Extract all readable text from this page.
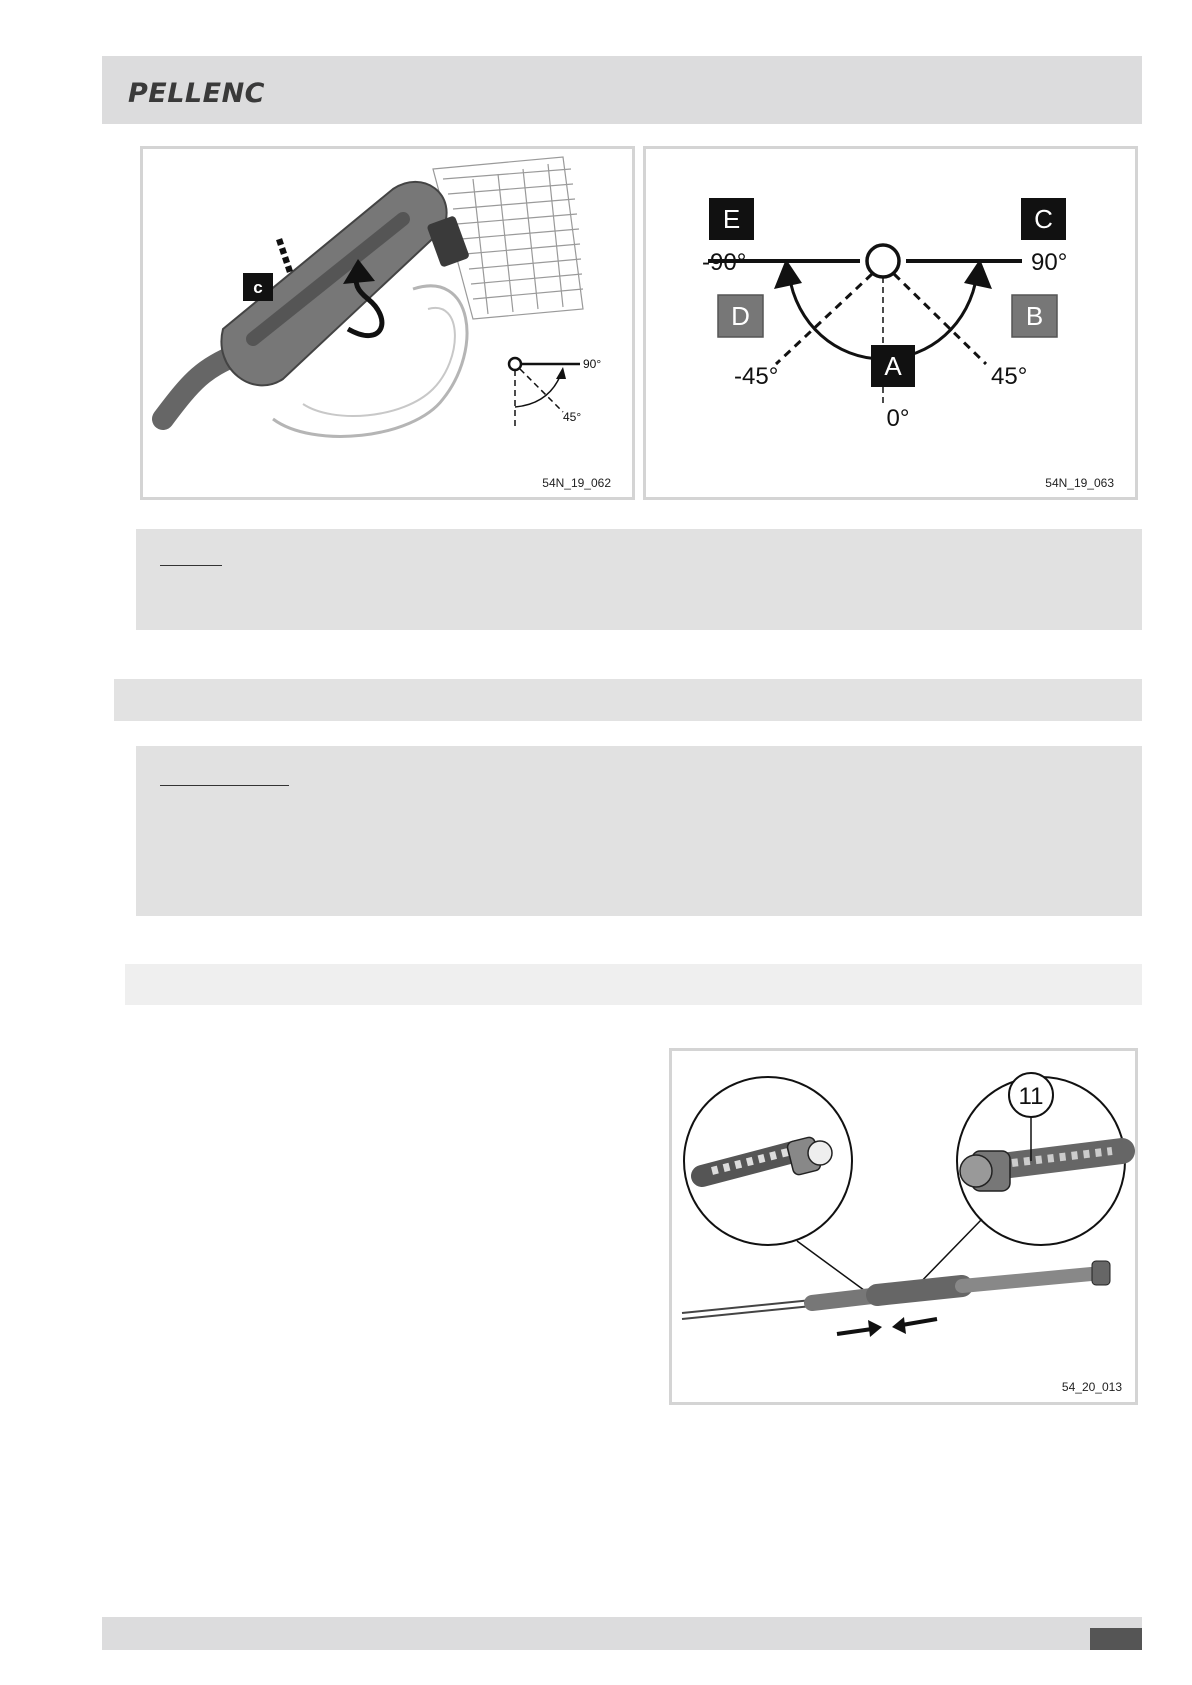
PELLENC
c
90°
45°
54N_19_062
E	C
D	B
A
-90°	90°
-45°	45°
0°
54N_19_063
11
54_20_013
